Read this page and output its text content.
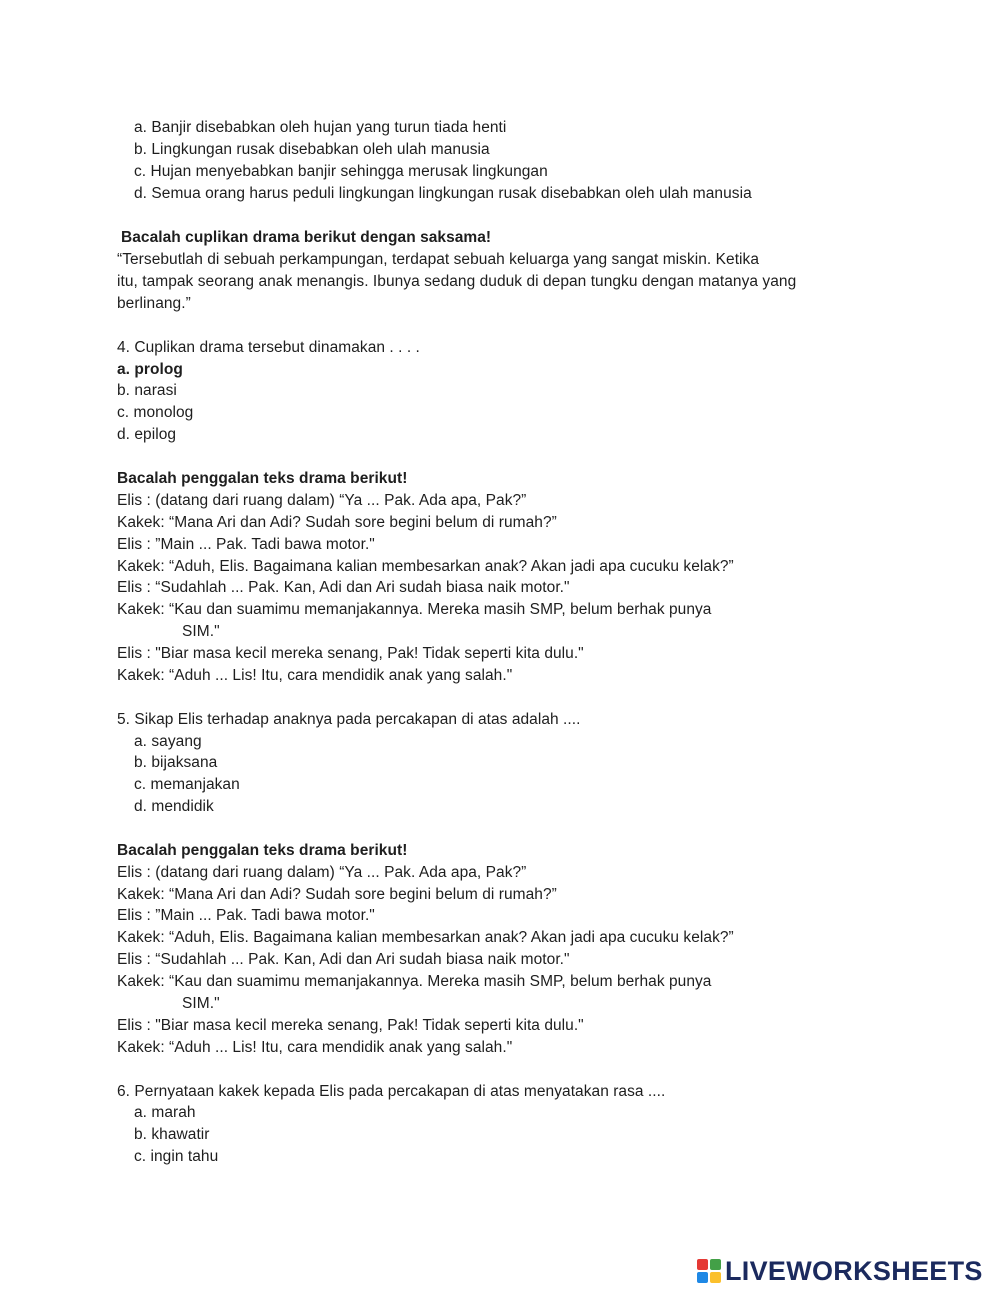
a. Banjir disebabkan oleh hujan yang turun tiada henti
b. Lingkungan rusak disebabkan oleh ulah manusia
c. Hujan menyebabkan banjir sehingga merusak lingkungan
d. Semua orang harus peduli lingkungan lingkungan rusak disebabkan oleh ulah manusia
Bacalah cuplikan drama berikut dengan saksama!
“Tersebutlah di sebuah perkampungan, terdapat sebuah keluarga yang sangat miskin. Ketika
itu, tampak seorang anak menangis. Ibunya sedang duduk di depan tungku dengan matanya yang
berlinang.”
4. Cuplikan drama tersebut dinamakan . . . .
a. prolog
b. narasi
c. monolog
d. epilog
Bacalah penggalan teks drama berikut!
Elis : (datang dari ruang dalam) “Ya ... Pak. Ada apa, Pak?”
Kakek: “Mana Ari dan Adi? Sudah sore begini belum di rumah?”
Elis : ”Main ... Pak. Tadi bawa motor."
Kakek: “Aduh, Elis. Bagaimana kalian membesarkan anak? Akan jadi apa cucuku kelak?”
Elis : “Sudahlah ... Pak. Kan, Adi dan Ari sudah biasa naik motor."
Kakek: “Kau dan suamimu memanjakannya. Mereka masih SMP, belum berhak punya
SIM."
Elis : "Biar masa kecil mereka senang, Pak! Tidak seperti kita dulu."
Kakek: “Aduh ... Lis! Itu, cara mendidik anak yang salah."
5. Sikap Elis terhadap anaknya pada percakapan di atas adalah ....
a. sayang
b. bijaksana
c. memanjakan
d. mendidik
Bacalah penggalan teks drama berikut!
Elis : (datang dari ruang dalam) “Ya ... Pak. Ada apa, Pak?”
Kakek: “Mana Ari dan Adi? Sudah sore begini belum di rumah?”
Elis : ”Main ... Pak. Tadi bawa motor."
Kakek: “Aduh, Elis. Bagaimana kalian membesarkan anak? Akan jadi apa cucuku kelak?”
Elis : “Sudahlah ... Pak. Kan, Adi dan Ari sudah biasa naik motor."
Kakek: “Kau dan suamimu memanjakannya. Mereka masih SMP, belum berhak punya
SIM."
Elis : "Biar masa kecil mereka senang, Pak! Tidak seperti kita dulu."
Kakek: “Aduh ... Lis! Itu, cara mendidik anak yang salah."
6. Pernyataan kakek kepada Elis pada percakapan di atas menyatakan rasa ....
a. marah
b. khawatir
c. ingin tahu
LIVEWORKSHEETS
